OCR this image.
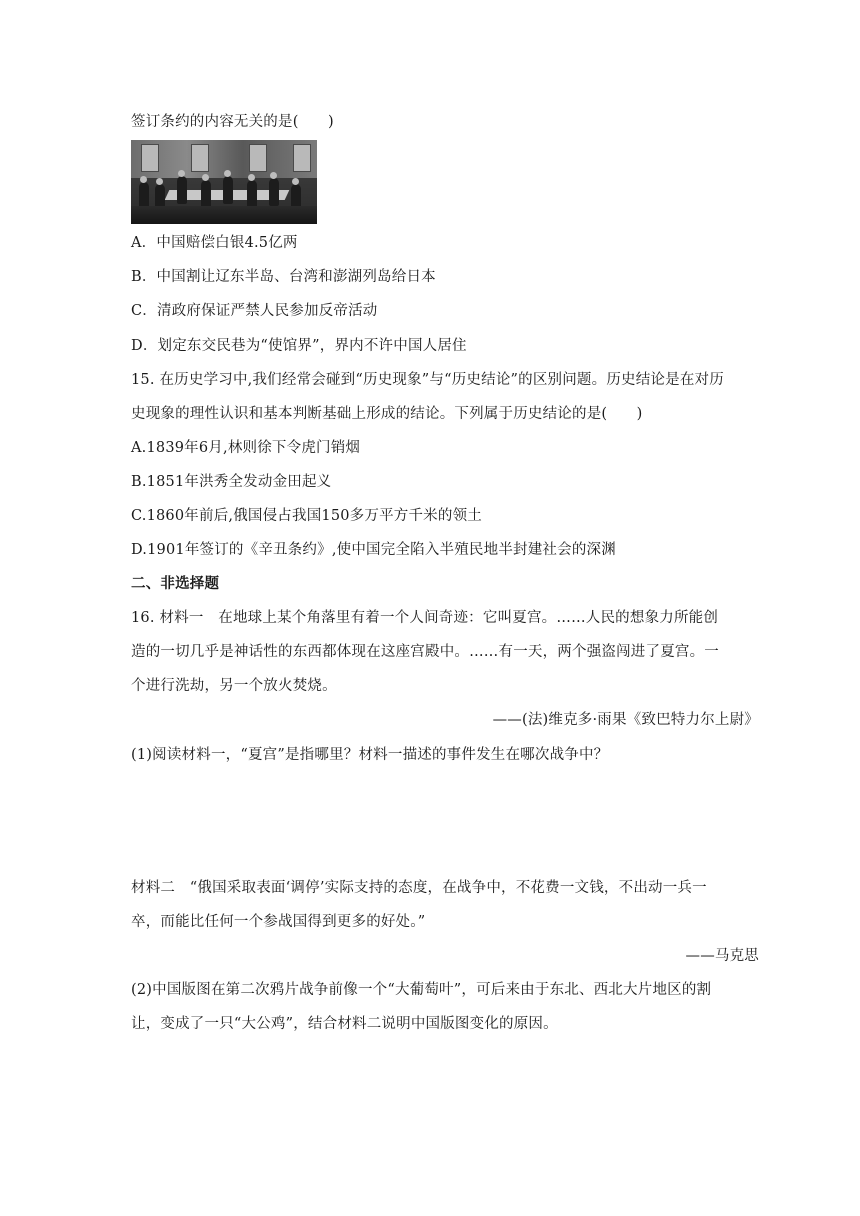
签订条约的内容无关的是(　　)
A．中国赔偿白银4.5亿两
B．中国割让辽东半岛、台湾和澎湖列岛给日本
C．清政府保证严禁人民参加反帝活动
D．划定东交民巷为“使馆界”，界内不许中国人居住
15. 在历史学习中,我们经常会碰到“历史现象”与“历史结论”的区别问题。历史结论是在对历
史现象的理性认识和基本判断基础上形成的结论。下列属于历史结论的是(　　)
A.1839年6月,林则徐下令虎门销烟
B.1851年洪秀全发动金田起义
C.1860年前后,俄国侵占我国150多万平方千米的领土
D.1901年签订的《辛丑条约》,使中国完全陷入半殖民地半封建社会的深渊
二、非选择题
16. 材料一　在地球上某个角落里有着一个人间奇迹：它叫夏宫。……人民的想象力所能创
造的一切几乎是神话性的东西都体现在这座宫殿中。……有一天，两个强盗闯进了夏宫。一
个进行洗劫，另一个放火焚烧。
——(法)维克多·雨果《致巴特力尔上尉》
(1)阅读材料一，“夏宫”是指哪里？材料一描述的事件发生在哪次战争中？
材料二　“俄国采取表面‘调停’实际支持的态度，在战争中，不花费一文钱，不出动一兵一
卒，而能比任何一个参战国得到更多的好处。”
——马克思
(2)中国版图在第二次鸦片战争前像一个“大葡萄叶”，可后来由于东北、西北大片地区的割
让，变成了一只“大公鸡”，结合材料二说明中国版图变化的原因。
